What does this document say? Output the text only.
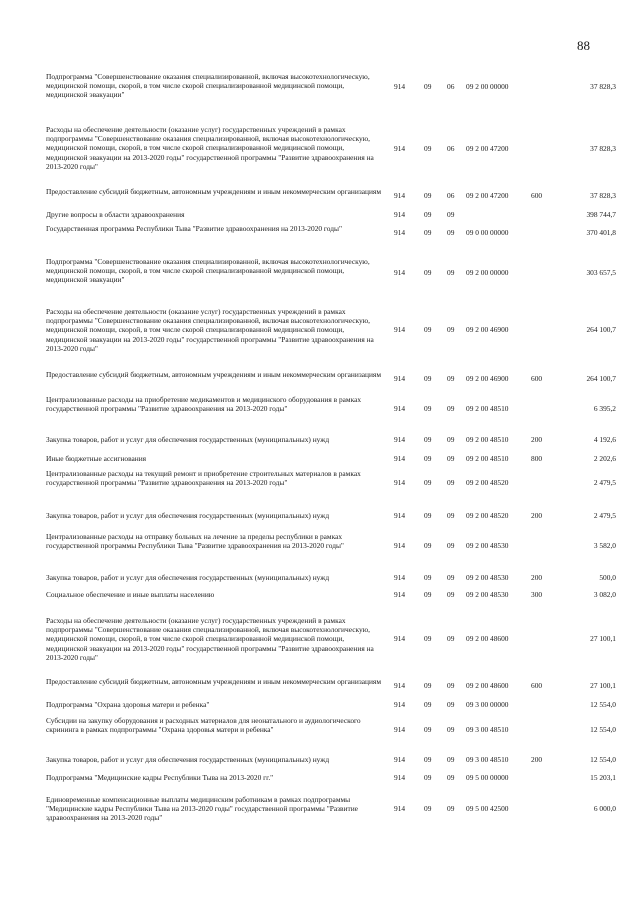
88
Подпрограмма "Совершенствование оказания специализированной, включая высокотехнологическую, медицинской помощи, скорой, в том числе скорой специализированной медицинской помощи, медицинской эвакуации"
914	09 06 09 2 00 00000	37 828,3
Расходы на обеспечение деятельности (оказание услуг) государственных учреждений в рамках подпрограммы "Совершенствование оказания специализированной, включая высокотехнологическую, медицинской помощи, скорой, в том числе скорой специализированной медицинской помощи, медицинской эвакуации на 2013-2020 годы" государственной программы "Развитие здравоохранения на 2013-2020 годы"
914	09 06 09 2 00 47200	37 828,3
Предоставление субсидий бюджетным, автономным учреждениям и иным некоммерческим организациям	914	09 06 09 2 00 47200	600	37 828,3
Другие вопросы в области здравоохранения	914	09 09	398 744,7
Государственная программа Республики Тыва "Развитие здравоохранения на 2013-2020 годы"	914	09 09 09 0 00 00000	370 401,8
Подпрограмма "Совершенствование оказания специализированной, включая высокотехнологическую, медицинской помощи, скорой, в том числе скорой специализированной медицинской помощи, медицинской эвакуации"
914	09 09 09 2 00 00000	303 657,5
Расходы на обеспечение деятельности (оказание услуг) государственных учреждений в рамках подпрограммы "Совершенствование оказания специализированной, включая высокотехнологическую, медицинской помощи, скорой, в том числе скорой специализированной медицинской помощи, медицинской эвакуации на 2013-2020 годы" государственной программы "Развитие здравоохранения на 2013-2020 годы"
914	09 09 09 2 00 46900	264 100,7
Предоставление субсидий бюджетным, автономным учреждениям и иным некоммерческим организациям	914	09 09 09 2 00 46900	600	264 100,7
Централизованные расходы на приобретение медикаментов и медицинского оборудования в рамках государственной программы "Развитие здравоохранения на 2013-2020 годы"	914	09 09 09 2 00 48510	6 395,2
Закупка товаров, работ и услуг для обеспечения государственных (муниципальных) нужд	914	09 09 09 2 00 48510	200	4 192,6
Иные бюджетные ассигнования	914	09 09 09 2 00 48510	800	2 202,6
Централизованные расходы на текущий ремонт и приобретение строительных материалов в рамках государственной программы "Развитие здравоохранения на 2013-2020 годы"	914	09 09 09 2 00 48520	2 479,5
Закупка товаров, работ и услуг для обеспечения государственных (муниципальных) нужд	914	09 09 09 2 00 48520	200	2 479,5
Централизованные расходы на отправку больных на лечение за пределы республики в рамках государственной программы Республики Тыва "Развитие здравоохранения на 2013-2020 годы"	914	09 09 09 2 00 48530	3 582,0
Закупка товаров, работ и услуг для обеспечения государственных (муниципальных) нужд	914	09 09 09 2 00 48530	200	500,0
Социальное обеспечение и иные выплаты населению	914	09 09 09 2 00 48530	300	3 082,0
Расходы на обеспечение деятельности (оказание услуг) государственных учреждений в рамках подпрограммы "Совершенствование оказания специализированной, включая высокотехнологическую, медицинской помощи, скорой, в том числе скорой специализированной медицинской помощи, медицинской эвакуации на 2013-2020 годы" государственной программы "Развитие здравоохранения на 2013-2020 годы"
914	09 09 09 2 00 48600	27 100,1
Предоставление субсидий бюджетным, автономным учреждениям и иным некоммерческим организациям	914	09 09 09 2 00 48600	600	27 100,1
Подпрограмма "Охрана здоровья матери и ребенка"	914	09 09 09 3 00 00000	12 554,0
Субсидии на закупку оборудования и расходных материалов для неонатального и аудиологического скрининга в рамках подпрограммы "Охрана здоровья матери и ребенка"	914	09 09 09 3 00 48510	12 554,0
Закупка товаров, работ и услуг для обеспечения государственных (муниципальных) нужд	914	09 09 09 3 00 48510	200	12 554,0
Подпрограмма "Медицинские кадры Республики Тыва на 2013-2020 гг."	914	09 09 09 5 00 00000	15 203,1
Единовременные компенсационные выплаты медицинским работникам в рамках подпрограммы "Медицинские кадры Республики Тыва на 2013-2020 годы" государственной программы "Развитие здравоохранения на 2013-2020 годы"
914	09 09 09 5 00 42500	6 000,0
